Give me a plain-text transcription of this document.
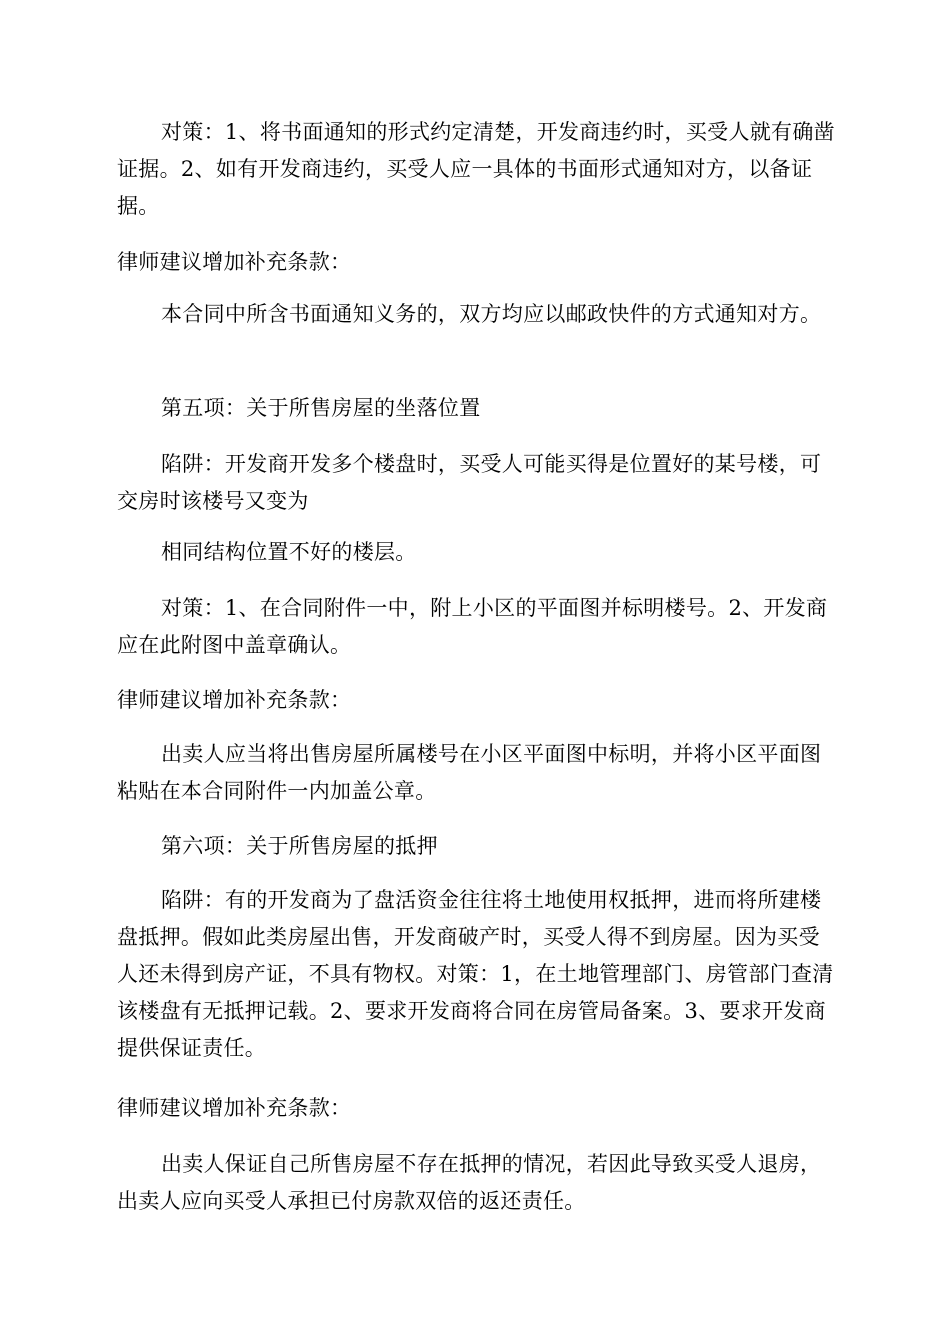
对策：1、将书面通知的形式约定清楚，开发商违约时，买受人就有确凿证据。2、如有开发商违约，买受人应一具体的书面形式通知对方，以备证据。

律师建议增加补充条款：

本合同中所含书面通知义务的，双方均应以邮政快件的方式通知对方。

第五项：关于所售房屋的坐落位置

陷阱：开发商开发多个楼盘时，买受人可能买得是位置好的某号楼，可交房时该楼号又变为

相同结构位置不好的楼层。

对策：1、在合同附件一中，附上小区的平面图并标明楼号。2、开发商应在此附图中盖章确认。

律师建议增加补充条款：

出卖人应当将出售房屋所属楼号在小区平面图中标明，并将小区平面图粘贴在本合同附件一内加盖公章。

第六项：关于所售房屋的抵押

陷阱：有的开发商为了盘活资金往往将土地使用权抵押，进而将所建楼盘抵押。假如此类房屋出售，开发商破产时，买受人得不到房屋。因为买受人还未得到房产证，不具有物权。对策：1，在土地管理部门、房管部门查清该楼盘有无抵押记载。2、要求开发商将合同在房管局备案。3、要求开发商提供保证责任。

律师建议增加补充条款：

出卖人保证自己所售房屋不存在抵押的情况，若因此导致买受人退房，出卖人应向买受人承担已付房款双倍的返还责任。
